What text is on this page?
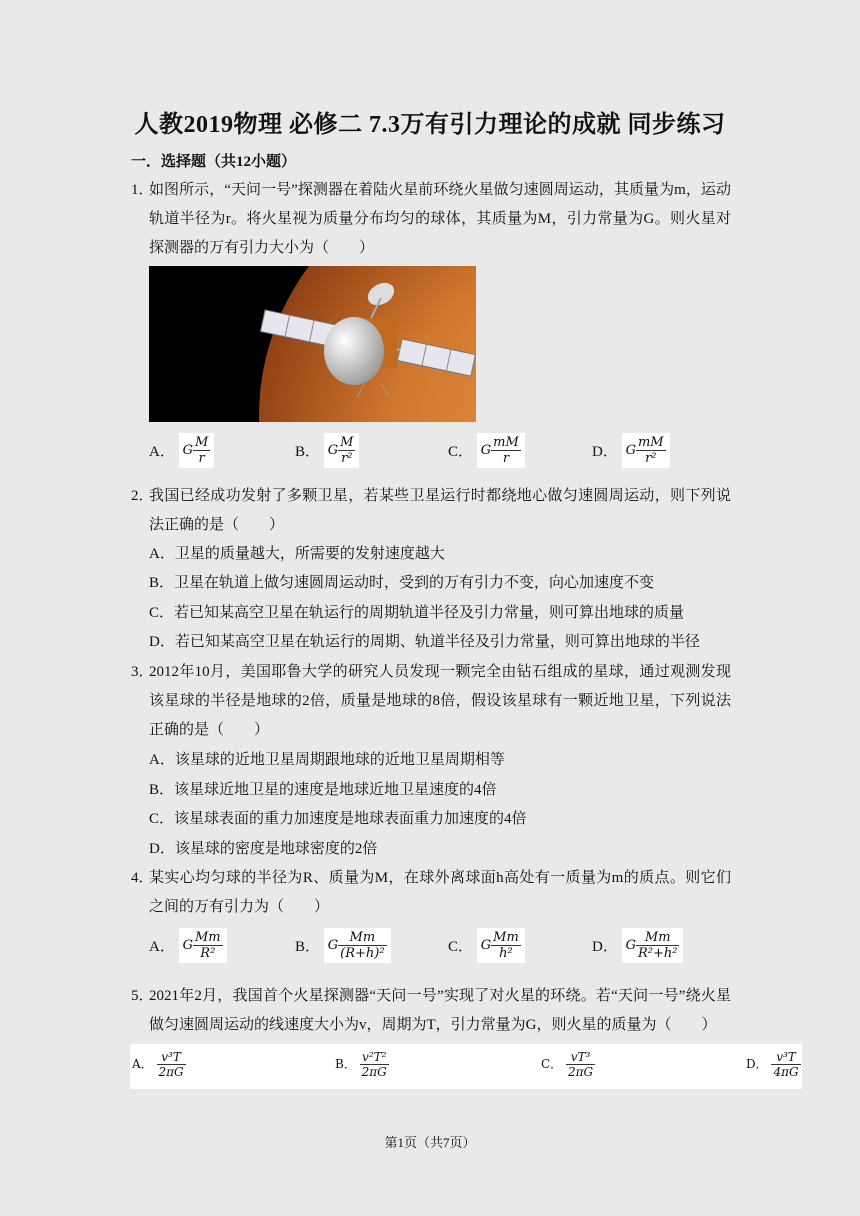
人教2019物理 必修二 7.3万有引力理论的成就 同步练习
一．选择题（共12小题）
1．
如图所示，“天问一号”探测器在着陆火星前环绕火星做匀速圆周运动，其质量为m，运动轨道半径为r。将火星视为质量分布均匀的球体，其质量为M，引力常量为G。则火星对探测器的万有引力大小为（　　）
A． G $\frac{M}{r}$	B． G $\frac{M}{\text{r²}}$	C． G $\frac{mM}{r}$	D． G $\frac{mM}{\text{r²}}$
2．
我国已经成功发射了多颗卫星，若某些卫星运行时都绕地心做匀速圆周运动，则下列说法正确的是（　　）
A．卫星的质量越大，所需要的发射速度越大
B．卫星在轨道上做匀速圆周运动时，受到的万有引力不变，向心加速度不变
C．若已知某高空卫星在轨运行的周期轨道半径及引力常量，则可算出地球的质量
D．若已知某高空卫星在轨运行的周期、轨道半径及引力常量，则可算出地球的半径
3．
2012年10月，美国耶鲁大学的研究人员发现一颗完全由钻石组成的星球，通过观测发现该星球的半径是地球的2倍，质量是地球的8倍，假设该星球有一颗近地卫星，下列说法正确的是（　　）
A．该星球的近地卫星周期跟地球的近地卫星周期相等
B．该星球近地卫星的速度是地球近地卫星速度的4倍
C．该星球表面的重力加速度是地球表面重力加速度的4倍
D．该星球的密度是地球密度的2倍
4．
某实心均匀球的半径为R、质量为M，在球外离球面h高处有一质量为m的质点。则它们之间的万有引力为（　　）
A． G $\frac{Mm}{\text{R²}}$	B． G $\frac{Mm}{\text{(R+h)²}}$	C． G $\frac{Mm}{\text{h²}}$	D． G $\frac{Mm}{\text{R²+h²}}$
5．
2021年2月，我国首个火星探测器“天问一号”实现了对火星的环绕。若“天问一号”绕火星做匀速圆周运动的线速度大小为v，周期为T，引力常量为G，则火星的质量为（　　）
A． $\frac{\text{v³T}}{2\pi G}$	B． $\frac{\text{v²T²}}{2\pi G}$	C． $\frac{\text{vT³}}{2\pi G}$	D． $\frac{\text{v³T}}{4\pi G}$
第1页（共7页）
